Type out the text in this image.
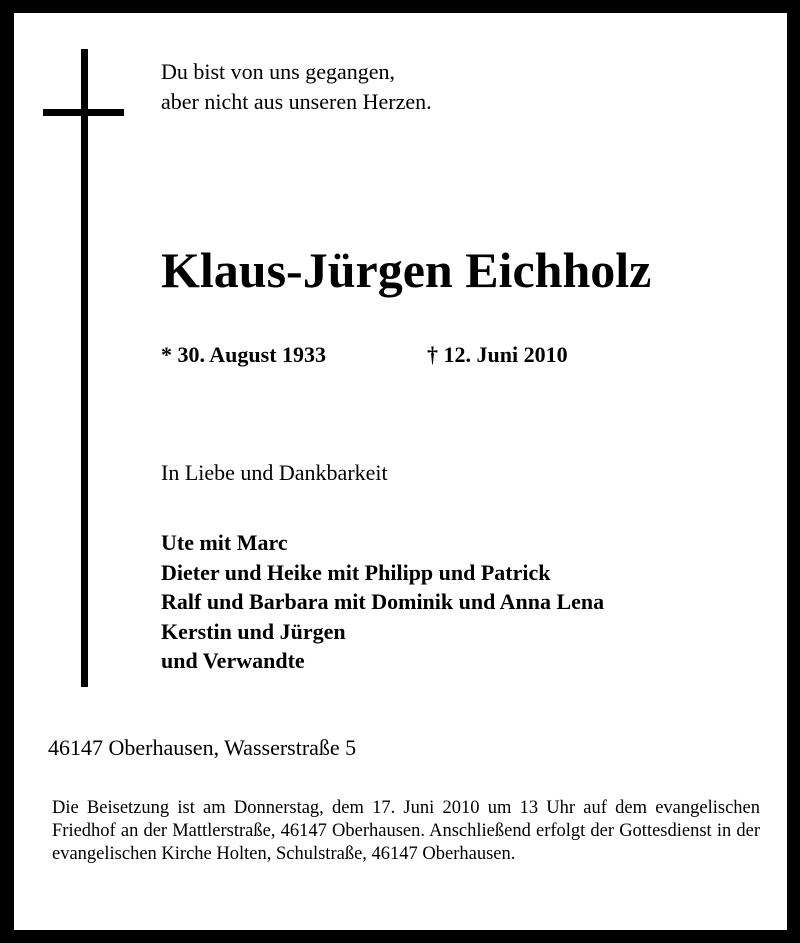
Du bist von uns gegangen,
aber nicht aus unseren Herzen.
Klaus-Jürgen Eichholz
* 30. August 1933	† 12. Juni 2010
In Liebe und Dankbarkeit
Ute mit Marc
Dieter und Heike mit Philipp und Patrick
Ralf und Barbara mit Dominik und Anna Lena
Kerstin und Jürgen
und Verwandte
46147 Oberhausen, Wasserstraße 5
Die Beisetzung ist am Donnerstag, dem 17. Juni 2010 um 13 Uhr auf dem evangelischen Friedhof an der Mattlerstraße, 46147 Oberhausen. Anschließend erfolgt der Gottesdienst in der evangelischen Kirche Holten, Schulstraße, 46147 Oberhausen.
